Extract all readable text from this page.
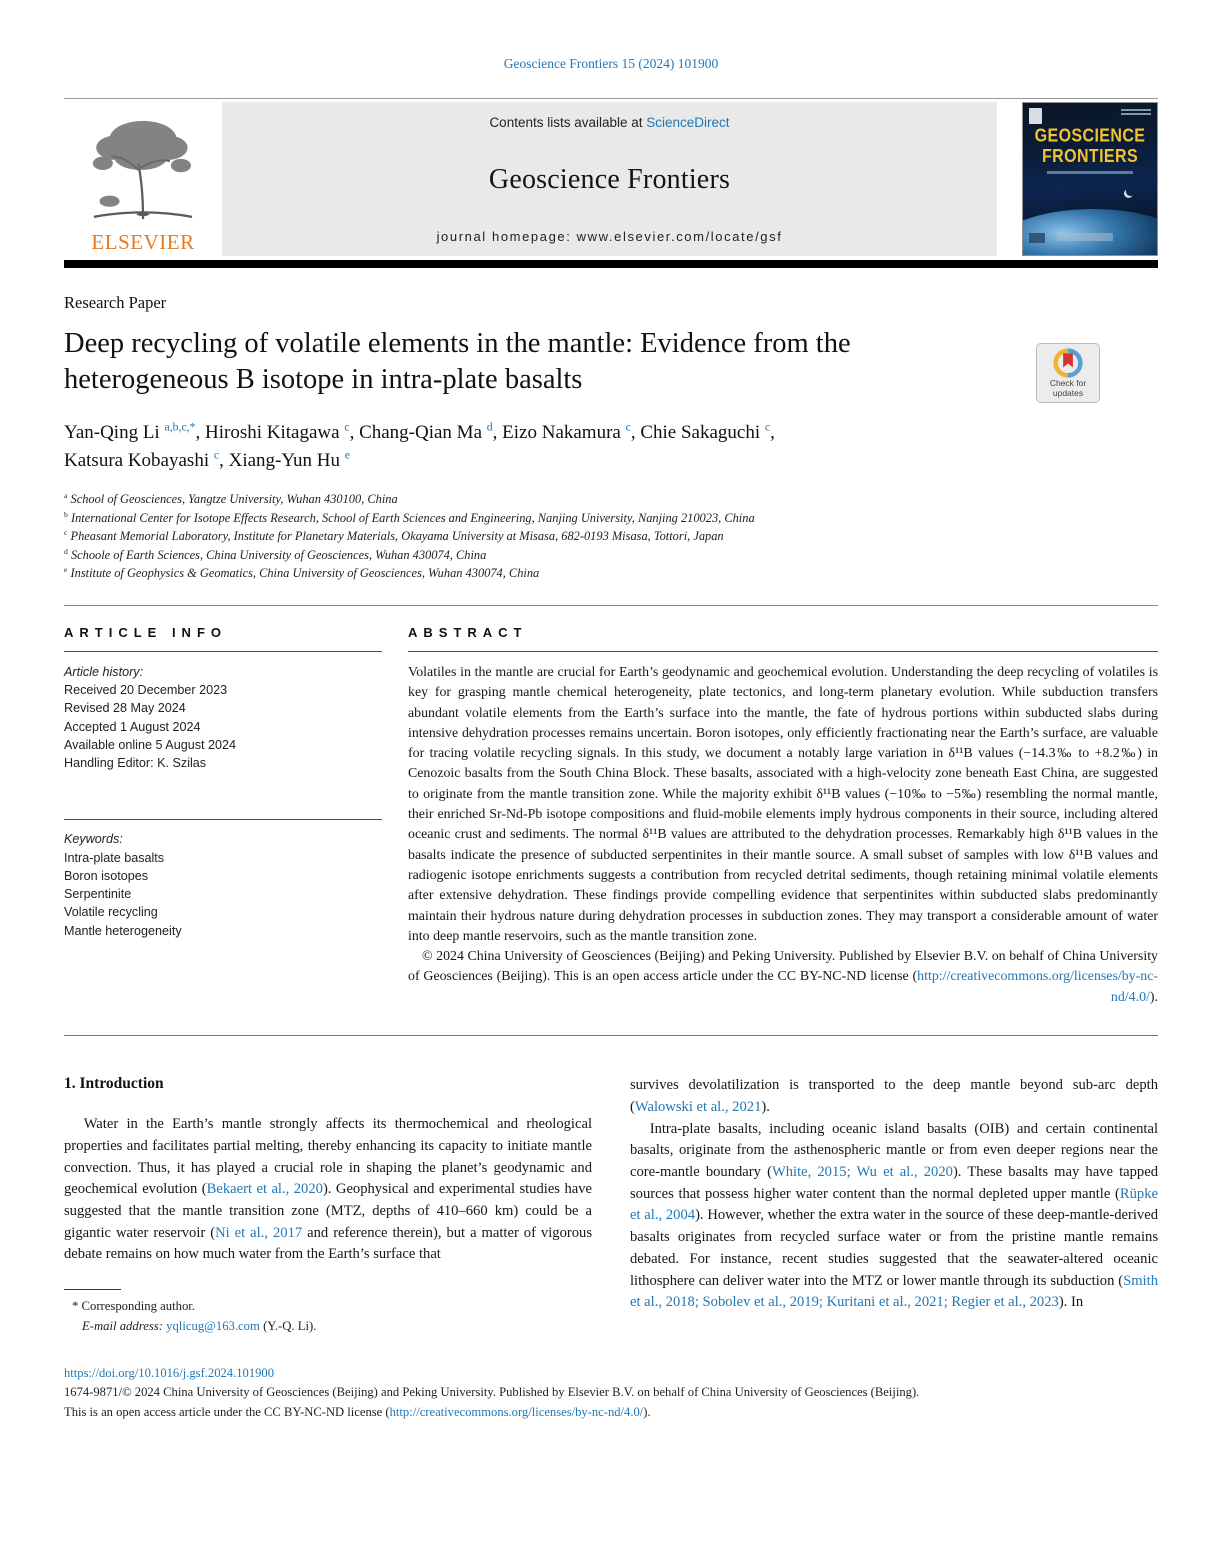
Geoscience Frontiers 15 (2024) 101900
ELSEVIER
Contents lists available at ScienceDirect
Geoscience Frontiers
journal homepage: www.elsevier.com/locate/gsf
GEOSCIENCE
FRONTIERS
Research Paper
Deep recycling of volatile elements in the mantle: Evidence from the
heterogeneous B isotope in intra-plate basalts	Check for
updates
Yan-Qing Li $^{a,b,c,*}$, Hiroshi Kitagawa $^c$, Chang-Qian Ma $^d$, Eizo Nakamura $^c$, Chie Sakaguchi $^c$,
Katsura Kobayashi $^c$, Xiang-Yun Hu $^e$
$^a$ School of Geosciences, Yangtze University, Wuhan 430100, China
$^b$ International Center for Isotope Effects Research, School of Earth Sciences and Engineering, Nanjing University, Nanjing 210023, China
$^c$ Pheasant Memorial Laboratory, Institute for Planetary Materials, Okayama University at Misasa, 682-0193 Misasa, Tottori, Japan
$^d$ Schoole of Earth Sciences, China University of Geosciences, Wuhan 430074, China
$^e$ Institute of Geophysics & Geomatics, China University of Geosciences, Wuhan 430074, China
ARTICLE INFO
Article history:
Received 20 December 2023
Revised 28 May 2024
Accepted 1 August 2024
Available online 5 August 2024
Handling Editor: K. Szilas
Keywords:
Intra-plate basalts
Boron isotopes
Serpentinite
Volatile recycling
Mantle heterogeneity
ABSTRACT
Volatiles in the mantle are crucial for Earth’s geodynamic and geochemical evolution. Understanding the deep recycling of volatiles is key for grasping mantle chemical heterogeneity, plate tectonics, and long-term planetary evolution. While subduction transfers abundant volatile elements from the Earth’s surface into the mantle, the fate of hydrous portions within subducted slabs during intensive dehydration processes remains uncertain. Boron isotopes, only efficiently fractionating near the Earth’s surface, are valuable for tracing volatile recycling signals. In this study, we document a notably large variation in δ¹¹B values (−14.3‰ to +8.2‰) in Cenozoic basalts from the South China Block. These basalts, associated with a high-velocity zone beneath East China, are suggested to originate from the mantle transition zone. While the majority exhibit δ¹¹B values (−10‰ to −5‰) resembling the normal mantle, their enriched Sr-Nd-Pb isotope compositions and fluid-mobile elements imply hydrous components in their source, including altered oceanic crust and sediments. The normal δ¹¹B values are attributed to the dehydration processes. Remarkably high δ¹¹B values in the basalts indicate the presence of subducted serpentinites in their mantle source. A small subset of samples with low δ¹¹B values and radiogenic isotope enrichments suggests a contribution from recycled detrital sediments, though retaining minimal volatile elements after extensive dehydration. These findings provide compelling evidence that serpentinites within subducted slabs predominantly maintain their hydrous nature during dehydration processes in subduction zones. They may transport a considerable amount of water into deep mantle reservoirs, such as the mantle transition zone.
© 2024 China University of Geosciences (Beijing) and Peking University. Published by Elsevier B.V. on behalf of China University of Geosciences (Beijing). This is an open access article under the CC BY-NC-ND license (http://creativecommons.org/licenses/by-nc-nd/4.0/).
1. Introduction

Water in the Earth’s mantle strongly affects its thermochemical and rheological properties and facilitates partial melting, thereby enhancing its capacity to initiate mantle convection. Thus, it has played a crucial role in shaping the planet’s geodynamic and geochemical evolution (Bekaert et al., 2020). Geophysical and experimental studies have suggested that the mantle transition zone (MTZ, depths of 410–660 km) could be a gigantic water reservoir (Ni et al., 2017 and reference therein), but a matter of vigorous debate remains on how much water from the Earth’s surface that

* Corresponding author.
E-mail address: yqlicug@163.com (Y.-Q. Li).

survives devolatilization is transported to the deep mantle beyond sub-arc depth (Walowski et al., 2021).

Intra-plate basalts, including oceanic island basalts (OIB) and certain continental basalts, originate from the asthenospheric mantle or from even deeper regions near the core-mantle boundary (White, 2015; Wu et al., 2020). These basalts may have tapped sources that possess higher water content than the normal depleted upper mantle (Rüpke et al., 2004). However, whether the extra water in the source of these deep-mantle-derived basalts originates from recycled surface water or from the pristine mantle remains debated. For instance, recent studies suggested that the seawater-altered oceanic lithosphere can deliver water into the MTZ or lower mantle through its subduction (Smith et al., 2018; Sobolev et al., 2019; Kuritani et al., 2021; Regier et al., 2023). In

https://doi.org/10.1016/j.gsf.2024.101900
1674-9871/© 2024 China University of Geosciences (Beijing) and Peking University. Published by Elsevier B.V. on behalf of China University of Geosciences (Beijing).
This is an open access article under the CC BY-NC-ND license (http://creativecommons.org/licenses/by-nc-nd/4.0/).
